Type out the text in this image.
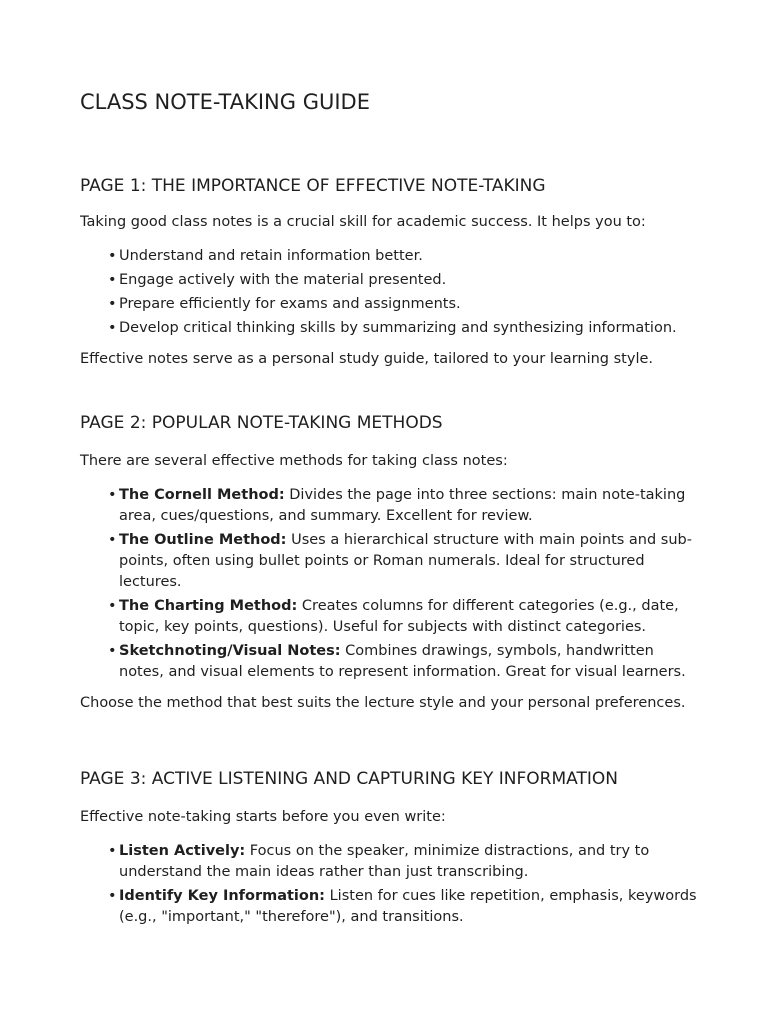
CLASS NOTE-TAKING GUIDE
PAGE 1: THE IMPORTANCE OF EFFECTIVE NOTE-TAKING

Taking good class notes is a crucial skill for academic success. It helps you to:

• Understand and retain information better.
• Engage actively with the material presented.
• Prepare efficiently for exams and assignments.
• Develop critical thinking skills by summarizing and synthesizing information.

Effective notes serve as a personal study guide, tailored to your learning style.

PAGE 2: POPULAR NOTE-TAKING METHODS

There are several effective methods for taking class notes:

• The Cornell Method: Divides the page into three sections: main note-taking area, cues/questions, and summary. Excellent for review.
• The Outline Method: Uses a hierarchical structure with main points and sub-points, often using bullet points or Roman numerals. Ideal for structured lectures.
• The Charting Method: Creates columns for different categories (e.g., date, topic, key points, questions). Useful for subjects with distinct categories.
• Sketchnoting/Visual Notes: Combines drawings, symbols, handwritten notes, and visual elements to represent information. Great for visual learners.

Choose the method that best suits the lecture style and your personal preferences.

PAGE 3: ACTIVE LISTENING AND CAPTURING KEY INFORMATION

Effective note-taking starts before you even write:

• Listen Actively: Focus on the speaker, minimize distractions, and try to understand the main ideas rather than just transcribing.
• Identify Key Information: Listen for cues like repetition, emphasis, keywords (e.g., "important," "therefore"), and transitions.
